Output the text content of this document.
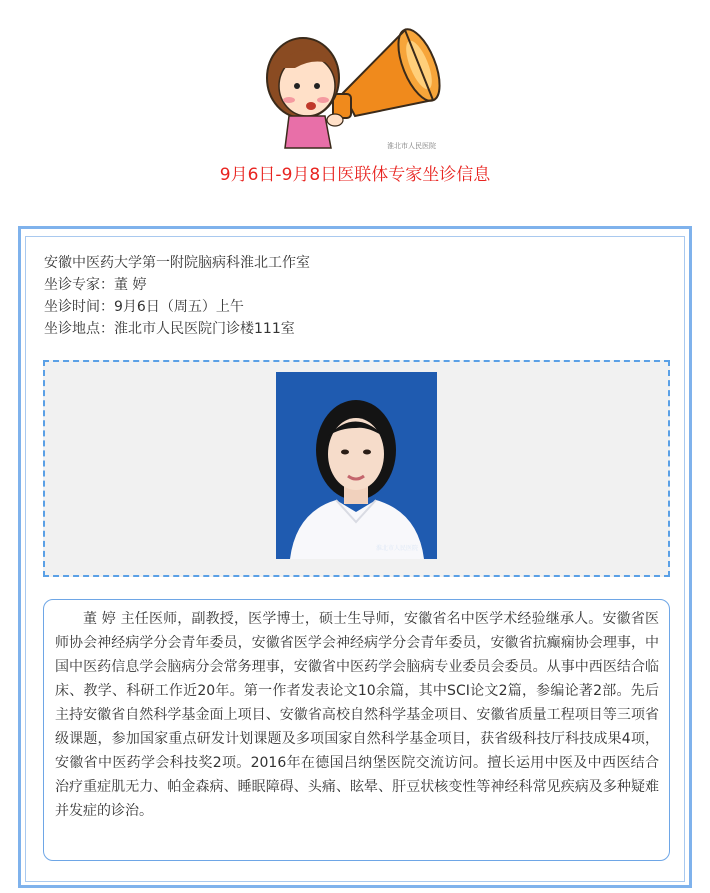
淮北市人民医院
9月6日-9月8日医联体专家坐诊信息
安徽中医药大学第一附院脑病科淮北工作室
坐诊专家：董 婷
坐诊时间：9月6日（周五）上午
坐诊地点：淮北市人民医院门诊楼111室
淮北市人民医院

董 婷 主任医师，副教授，医学博士，硕士生导师，安徽省名中医学术经验继承人。安徽省医师协会神经病学分会青年委员，安徽省医学会神经病学分会青年委员，安徽省抗癫痫协会理事，中国中医药信息学会脑病分会常务理事，安徽省中医药学会脑病专业委员会委员。从事中西医结合临床、教学、科研工作近20年。第一作者发表论文10余篇，其中SCI论文2篇，参编论著2部。先后主持安徽省自然科学基金面上项目、安徽省高校自然科学基金项目、安徽省质量工程项目等三项省级课题，参加国家重点研发计划课题及多项国家自然科学基金项目，获省级科技厅科技成果4项，安徽省中医药学会科技奖2项。2016年在德国吕纳堡医院交流访问。擅长运用中医及中西医结合治疗重症肌无力、帕金森病、睡眠障碍、头痛、眩晕、肝豆状核变性等神经科常见疾病及多种疑难并发症的诊治。
